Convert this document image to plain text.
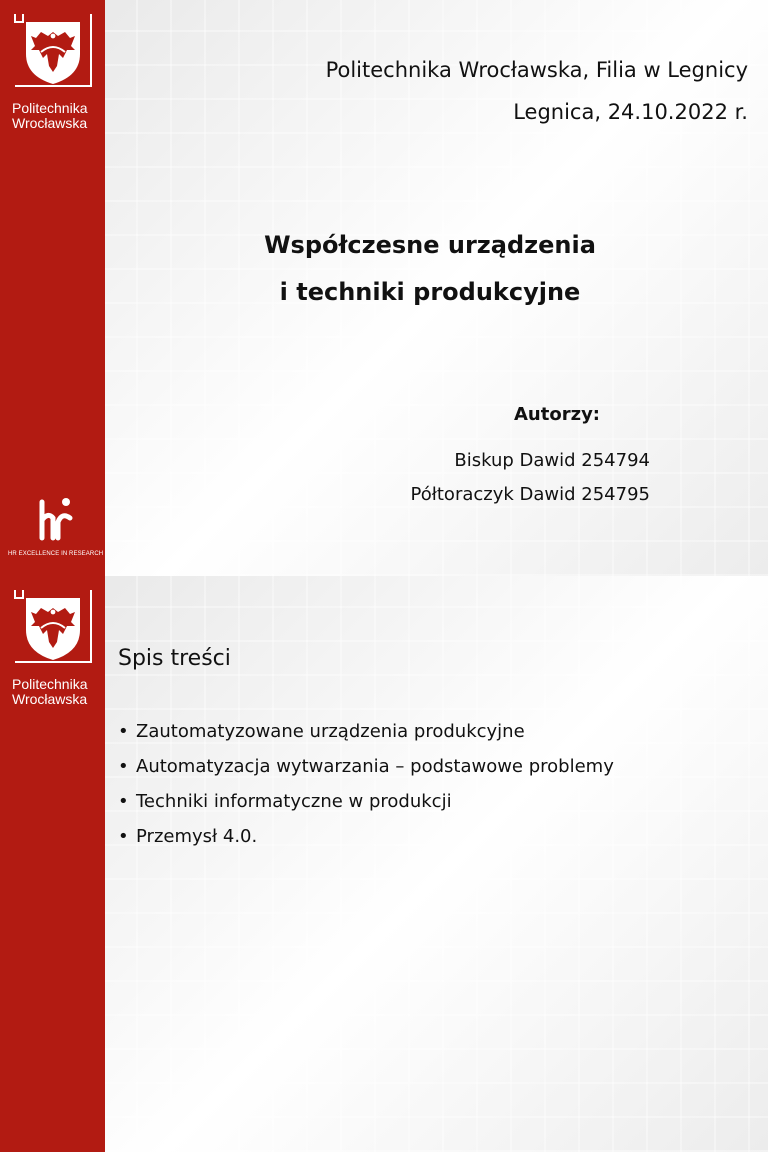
Politechnika
Wrocławska
HR EXCELLENCE IN RESEARCH
Politechnika Wrocławska, Filia w Legnicy
Legnica, 24.10.2022 r.
Współczesne urządzenia
i techniki produkcyjne
Autorzy:
Biskup Dawid 254794
Półtoraczyk Dawid 254795
Politechnika
Wrocławska
Spis treści
• Zautomatyzowane urządzenia produkcyjne
• Automatyzacja wytwarzania – podstawowe problemy
• Techniki informatyczne w produkcji
• Przemysł 4.0.
